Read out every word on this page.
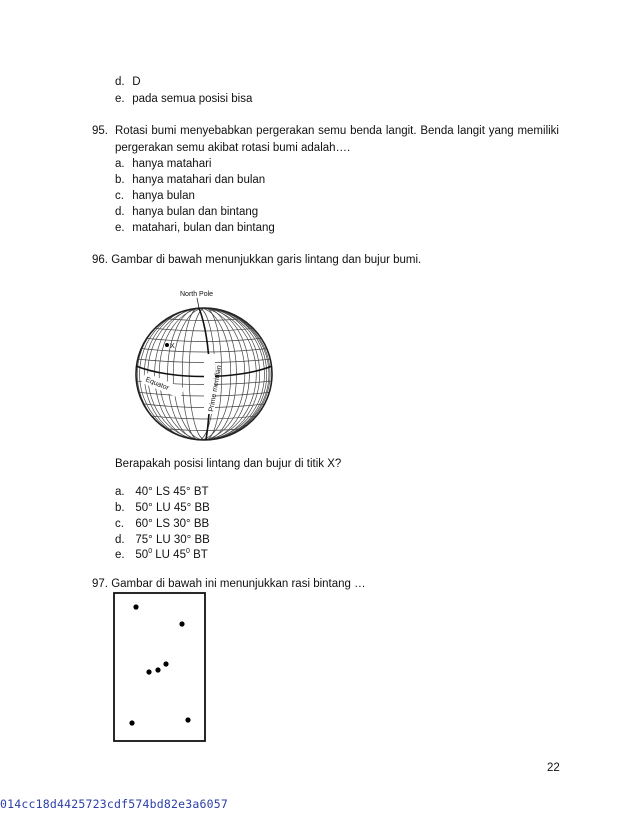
d. D
e. pada semua posisi bisa
95. Rotasi bumi menyebabkan pergerakan semu benda langit. Benda langit yang memiliki
pergerakan semu akibat rotasi bumi adalah….
a. hanya matahari
b. hanya matahari dan bulan
c. hanya bulan
d. hanya bulan dan bintang
e. matahari, bulan dan bintang
96. Gambar di bawah menunjukkan garis lintang dan bujur bumi.
North Pole
X
Equator	Prime meridian
Berapakah posisi lintang dan bujur di titik X?
a. 40° LS 45° BT
b. 50° LU 45° BB
c. 60° LS 30° BB
d. 75° LU 30° BB
e. $50^0$ LU $45^0$ BT
97. Gambar di bawah ini menunjukkan rasi bintang …
22
014cc18d4425723cdf574bd82e3a6057
